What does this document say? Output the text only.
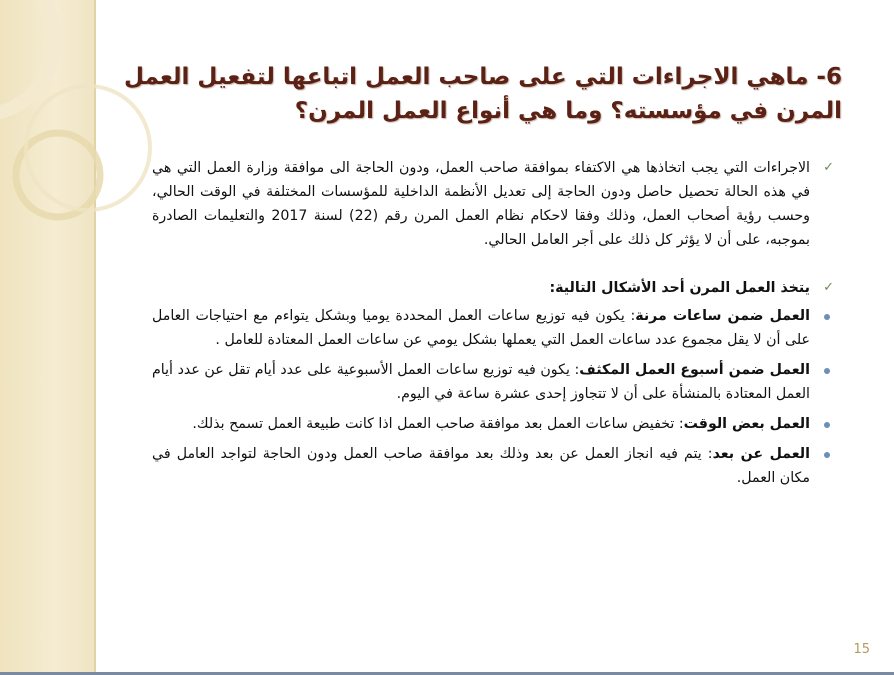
6- ماهي الاجراءات التي على صاحب العمل اتباعها لتفعيل العمل المرن في مؤسسته؟ وما هي أنواع العمل المرن؟

✓
الاجراءات التي يجب اتخاذها هي الاكتفاء بموافقة صاحب العمل، ودون الحاجة الى موافقة وزارة العمل التي هي في هذه الحالة تحصيل حاصل ودون الحاجة إلى تعديل الأنظمة الداخلية للمؤسسات المختلفة في الوقت الحالي، وحسب رؤية أصحاب العمل، وذلك وفقا لاحكام نظام العمل المرن رقم (22) لسنة 2017 والتعليمات الصادرة بموجبه، على أن لا يؤثر كل ذلك على أجر العامل الحالي.

✓
يتخذ العمل المرن أحد الأشكال التالية:

العمل ضمن ساعات مرنة: يكون فيه توزيع ساعات العمل المحددة يوميا وبشكل يتواءم مع احتياجات العامل على أن لا يقل مجموع عدد ساعات العمل التي يعملها بشكل يومي عن ساعات العمل المعتادة للعامل .

العمل ضمن أسبوع العمل المكثف: يكون فيه توزيع ساعات العمل الأسبوعية على عدد أيام تقل عن عدد أيام العمل المعتادة بالمنشأة على أن لا تتجاوز إحدى عشرة ساعة في اليوم.

العمل بعض الوقت: تخفيض ساعات العمل بعد موافقة صاحب العمل اذا كانت طبيعة العمل تسمح بذلك.

العمل عن بعد: يتم فيه انجاز العمل عن بعد وذلك بعد موافقة صاحب العمل ودون الحاجة لتواجد العامل في مكان العمل.

15
